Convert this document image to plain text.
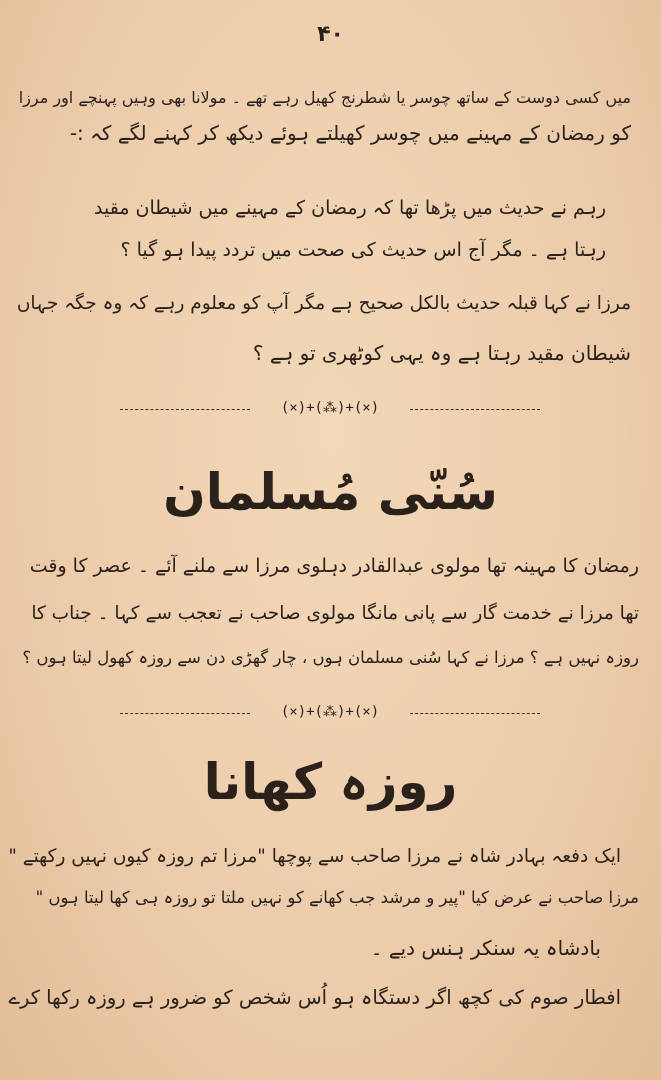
۴۰
میں کسی دوست کے ساتھ چوسر یا شطرنج کھیل رہے تھے ۔ مولانا بھی وہیں پہنچے اور مرزا
کو رمضان کے مہینے میں چوسر کھیلتے ہوئے دیکھ کر کہنے لگے کہ :-
رہم نے حدیث میں پڑھا تھا کہ رمضان کے مہینے میں شیطان مقید
رہتا ہے ۔ مگر آج اس حدیث کی صحت میں تردد پیدا ہو گیا ؟
مرزا نے کہا قبلہ حدیث بالکل صحیح ہے مگر آپ کو معلوم رہے کہ وہ جگہ جہاں
شیطان مقید رہتا ہے وہ یہی کوٹھری تو ہے ؟
(×)+(⁂)+(×)
سُنّی مُسلمان
رمضان کا مہینہ تھا مولوی عبدالقادر دہلوی مرزا سے ملنے آئے ۔ عصر کا وقت
تھا مرزا نے خدمت گار سے پانی مانگا مولوی صاحب نے تعجب سے کہا ۔ جناب کا
روزہ نہیں ہے ؟ مرزا نے کہا سُنی مسلمان ہوں ، چار گھڑی دن سے روزہ کھول لیتا ہوں ؟
(×)+(⁂)+(×)
روزہ کھانا
ایک دفعہ بہادر شاہ نے مرزا صاحب سے پوچھا "مرزا تم روزہ کیوں نہیں رکھتے "
مرزا صاحب نے عرض کیا "پیر و مرشد جب کھانے کو نہیں ملتا تو روزہ ہی کھا لیتا ہوں "
بادشاہ یہ سنکر ہنس دیے ۔
افطار صوم کی کچھ اگر دستگاہ ہو اُس شخص کو ضرور ہے روزہ رکھا کرے
